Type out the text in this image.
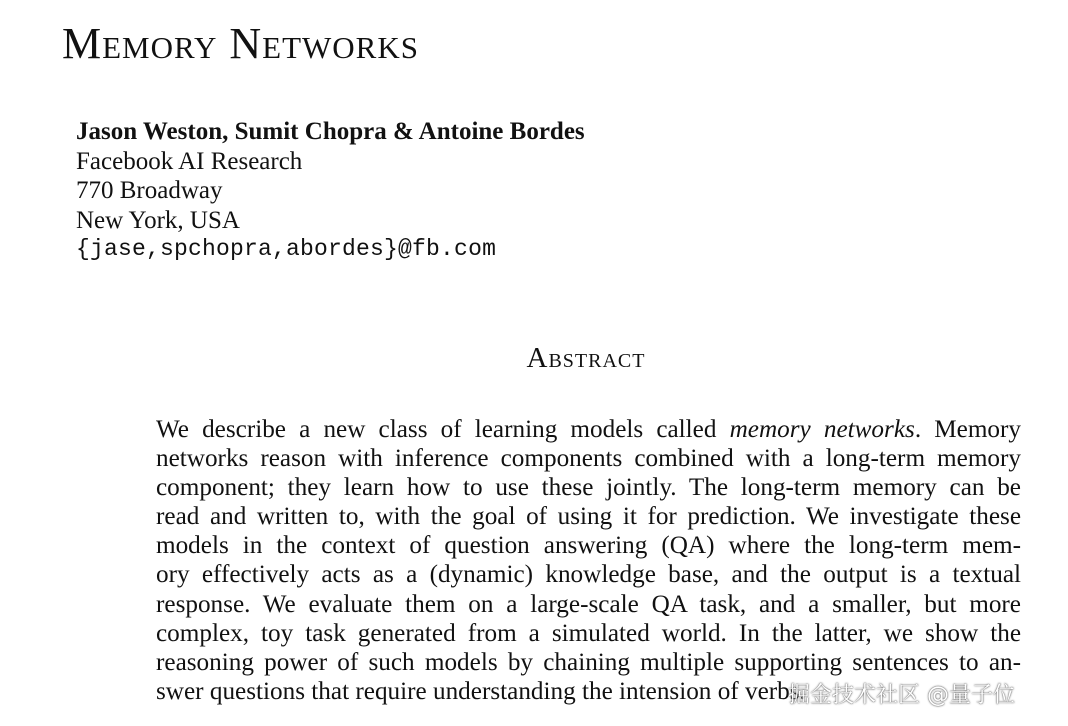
Memory Networks
Jason Weston, Sumit Chopra & Antoine Bordes
Facebook AI Research
770 Broadway
New York, USA
{jase,spchopra,abordes}@fb.com
Abstract
We describe a new class of learning models called memory networks. Memory
networks reason with inference components combined with a long-term memory
component; they learn how to use these jointly. The long-term memory can be
read and written to, with the goal of using it for prediction. We investigate these
models in the context of question answering (QA) where the long-term mem-
ory effectively acts as a (dynamic) knowledge base, and the output is a textual
response. We evaluate them on a large-scale QA task, and a smaller, but more
complex, toy task generated from a simulated world. In the latter, we show the
reasoning power of such models by chaining multiple supporting sentences to an-
swer questions that require understanding the intension of verbs.
掘金技术社区 @量子位
